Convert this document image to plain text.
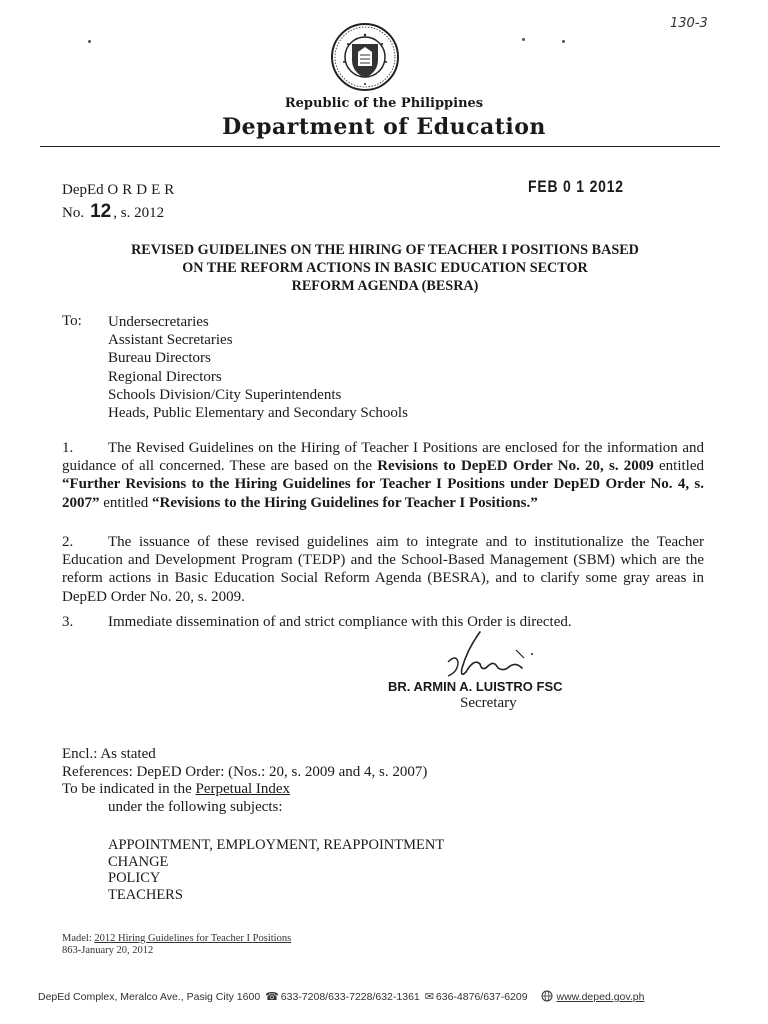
130-3
Republic of the Philippines
Department of Education
DepEd ORDER
No. 12 , s. 2012
FEB 0 1 2012
REVISED GUIDELINES ON THE HIRING OF TEACHER I POSITIONS BASED
ON THE REFORM ACTIONS IN BASIC EDUCATION SECTOR
REFORM AGENDA (BESRA)
To: Undersecretaries
Assistant Secretaries
Bureau Directors
Regional Directors
Schools Division/City Superintendents
Heads, Public Elementary and Secondary Schools
1. The Revised Guidelines on the Hiring of Teacher I Positions are enclosed for the information and guidance of all concerned. These are based on the Revisions to DepED Order No. 20, s. 2009 entitled “Further Revisions to the Hiring Guidelines for Teacher I Positions under DepED Order No. 4, s. 2007” entitled “Revisions to the Hiring Guidelines for Teacher I Positions.”
2. The issuance of these revised guidelines aim to integrate and to institutionalize the Teacher Education and Development Program (TEDP) and the School-Based Management (SBM) which are the reform actions in Basic Education Social Reform Agenda (BESRA), and to clarify some gray areas in DepED Order No. 20, s. 2009.
3. Immediate dissemination of and strict compliance with this Order is directed.
BR. ARMIN A. LUISTRO FSC
Secretary
Encl.: As stated
References: DepED Order: (Nos.: 20, s. 2009 and 4, s. 2007)
To be indicated in the Perpetual Index
under the following subjects:
APPOINTMENT, EMPLOYMENT, REAPPOINTMENT
CHANGE
POLICY
TEACHERS
Madel: 2012 Hiring Guidelines for Teacher I Positions
863-January 20, 2012
DepEd Complex, Meralco Ave., Pasig City 1600 ☎ 633-7208/633-7228/632-1361 ✉ 636-4876/637-6209	www.deped.gov.ph
